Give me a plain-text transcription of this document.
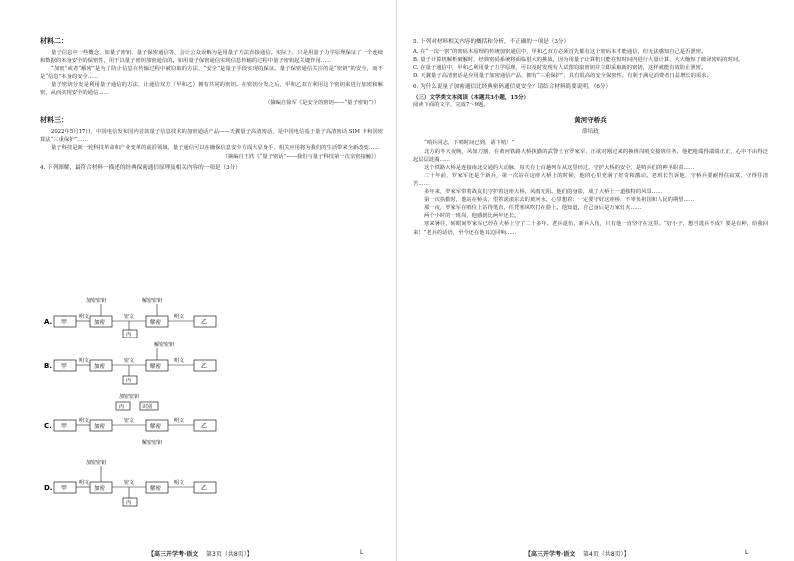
材料二：

量子信息中一些概念，如量子密钥、量子保密通信等，会让公众误解为是用量子方法直接通信。实际上，只是用量子力学原理保证了一个连续和数据的本身安全的保密性，用于以量子密钥加密通信的。如用量子保密通信实现信息传输的过程中量子密钥起关键作用……

“加密”或者“解密”是为了防止信息在传输过程中被窃取的方法，“安全”是量子手段实现的保证。量子保密通信关注的是“密钥”的安全，而不是“信息”本身的安全……

量子密钥分发是利用量子通信的方法，让通信双方（甲和乙）拥有共同的密钥。在密钥分发之后，甲和乙双方利用这个密钥来进行加密和解密，从而实现安全的通信……

（摘编自徐军《是安全的密钥——“量子密钥”》）
材料三：

2022年5月17日，中国电信发布国内首款量子信息技术的加密通话产品——天翼量子高清密话，是中国电信基于量子高清密话 SIM 卡和国密算法“三重保护”……

量子科技是新一轮科技革命和产业变革的前沿领域，量子通信可以在确保信息安全方面大显身手，相关应用将为我们的生活带来全新改变……

（摘编自王欣《“量子密话”——我们与量子科技第一次亲密接触》）
4. 下列图解，最符合材料一描述的经典保密通信原理及相关内容的一项是（3分）
A.
加密密钥
甲
明文
加密
密文
丙
解密密钥
解密
明文
乙
B.
解密密钥
甲
明文
加密
密文
丙
解密
明文
乙
C.
加密密钥
丙	识别
甲
明文
加密
密文
解密
明文
乙
解密密钥
D.
加密密钥
甲
明文
加密
密文
丙
解密
明文
乙
【高三开学考·语文 第3页（共8页）】	L
5. 下列对材料相关内容的概括和分析，不正确的一项是（3分）

A. 在“一次一密”的密码本原理的传统加密通信中，甲和乙双方必须首先都有这个密码本才能通信，但无法感知自己是否泄密。

B. 量子计算机解析破解时，经典密码系统将面临很大的挑战，因为用量子计算机只能在短时间内进行大量计算，大大缩短了破译密码的时间。

C. 在量子通信中，甲和乙利用量子力学原理，可以及时发现有人试图窃取密钥并立即采取新的密钥，这样就能有效防止泄密。

D. 天翼量子高清密话是应用量子加密通信产品，拥有“三重保护”，具有很高的安全保密性，有利于满足消费者日益增长的需求。

6. 为什么说量子加密通信比经典密码通信更安全？请结合材料简要说明。（6分）
（三）文学类文本阅读（本题共3小题，15分）
阅读下面的文字，完成7～9题。
黄河守桥兵
薛培政

“哨兵同志，下哨时间已到，请下哨！”

北方的冬天夜晚，风如刀割，在黄河铁路大桥执勤的武警士官罗家军，正欲对刚过来的换班岗哨交接班任务。他把枪端得端端正正，心中不由得泛起层层涟漪……

这个铁路大桥是连接南北交通的大动脉，每天有上百趟列车从这里经过。守护大桥的安全，是哨兵们的神圣职责……

二十年前，罗家军还是个新兵，第一次站在这座大桥上的时候，他的心里充满了好奇和激动。老班长告诉他，守桥兵要耐得住寂寞，守得住清苦……

多年来，罗家军带着战友们守护着这座大桥，风雨无阻。他们的身影，成了大桥上一道独特的风景……

第一次执勤时，他站在桥头，望着滚滚东去的黄河水，心里想着：一定要守好这座桥，不辜负祖国和人民的期望……

那一夜，罗家军在哨位上站得笔直，任凭寒风吹打在脸上。他知道，自己身后是万家灯火……

两个小时的一班岗，他感到比两年还长。

寒来暑往，转眼间罗家军已经在大桥上守了二十多年。老兵退伍，新兵入伍，只有他一直坚守在这里。“好小子，想当逃兵不成？要是有种，给我回来！”老兵的话语，至今还在他耳边回响……

【高三开学考·语文 第4页（共8页）】	L
